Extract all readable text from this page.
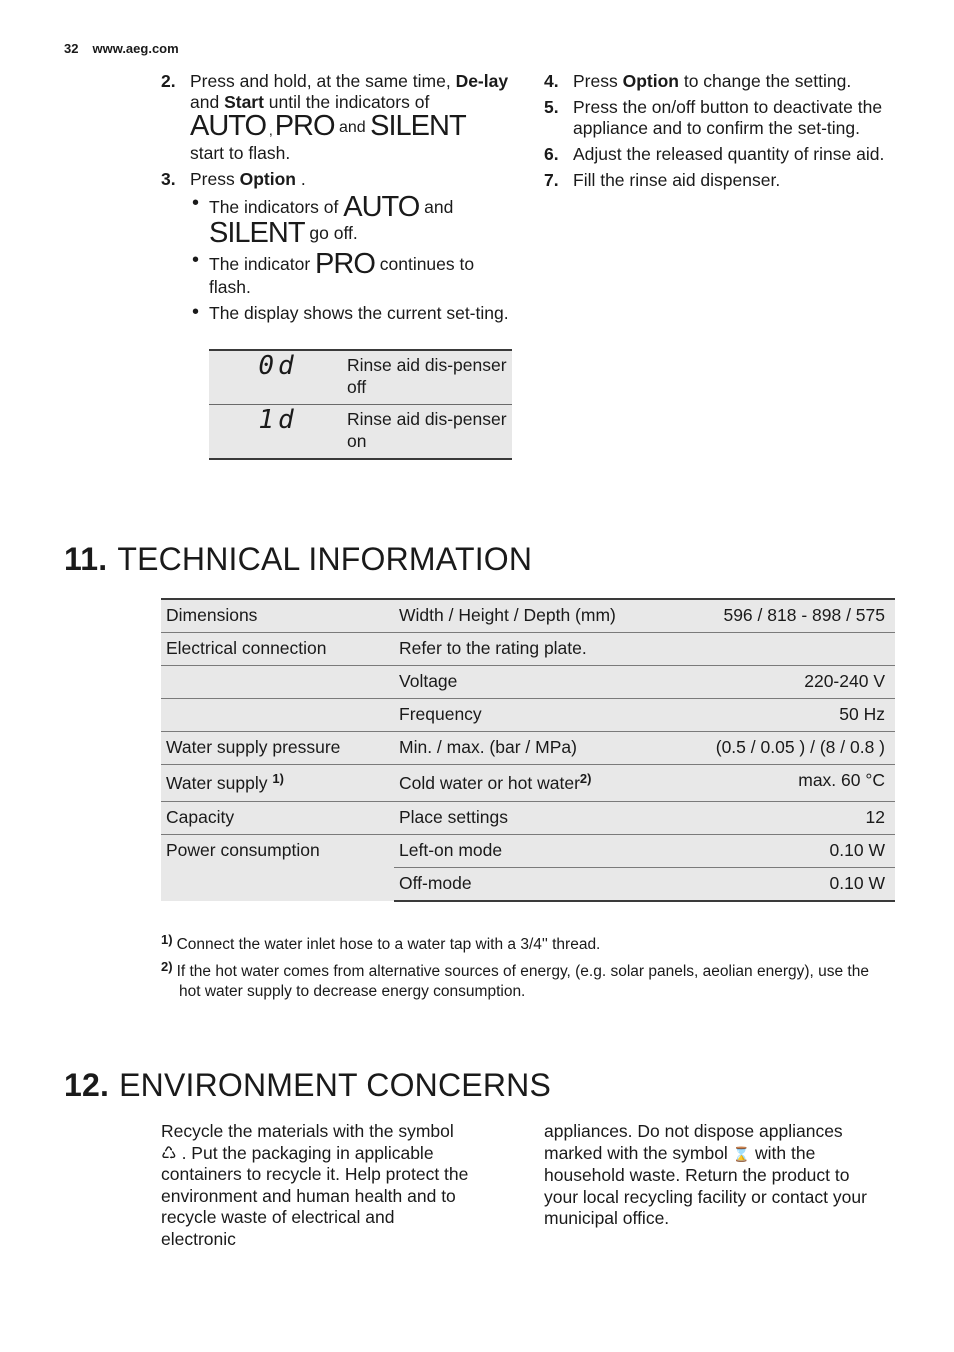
32 www.aeg.com
2. Press and hold, at the same time, De-lay and Start until the indicators of
AUTO , PRO and SILENT
start to flash.
3. Press Option .
• The indicators of AUTO and
SILENT go off.
• The indicator PRO continues to flash.
• The display shows the current set-ting.
0d	Rinse aid dis-penser off
1d	Rinse aid dis-penser on
4. Press Option to change the setting.
5. Press the on/off button to deactivate the appliance and to confirm the set-ting.
6. Adjust the released quantity of rinse aid.
7. Fill the rinse aid dispenser.
11. TECHNICAL INFORMATION
Dimensions	Width / Height / Depth (mm)	596 / 818 - 898 / 575
Electrical connection	Refer to the rating plate.	
	Voltage	220-240 V
	Frequency	50 Hz
Water supply pressure	Min. / max. (bar / MPa)	(0.5 / 0.05 ) / (8 / 0.8 )
Water supply $^{1)}$	Cold water or hot water$^{2)}$	max. 60 °C
Capacity	Place settings	12
Power consumption	Left-on mode	0.10 W
	Off-mode	0.10 W
$^{1)}$ Connect the water inlet hose to a water tap with a 3/4'' thread.
$^{2)}$ If the hot water comes from alternative sources of energy, (e.g. solar panels, aeolian energy), use the hot water supply to decrease energy consumption.
12. ENVIRONMENT CONCERNS
Recycle the materials with the symbol ♺ . Put the packaging in applicable containers to recycle it. Help protect the environment and human health and to recycle waste of electrical and electronic
appliances. Do not dispose appliances marked with the symbol ⌛ with the household waste. Return the product to your local recycling facility or contact your municipal office.
